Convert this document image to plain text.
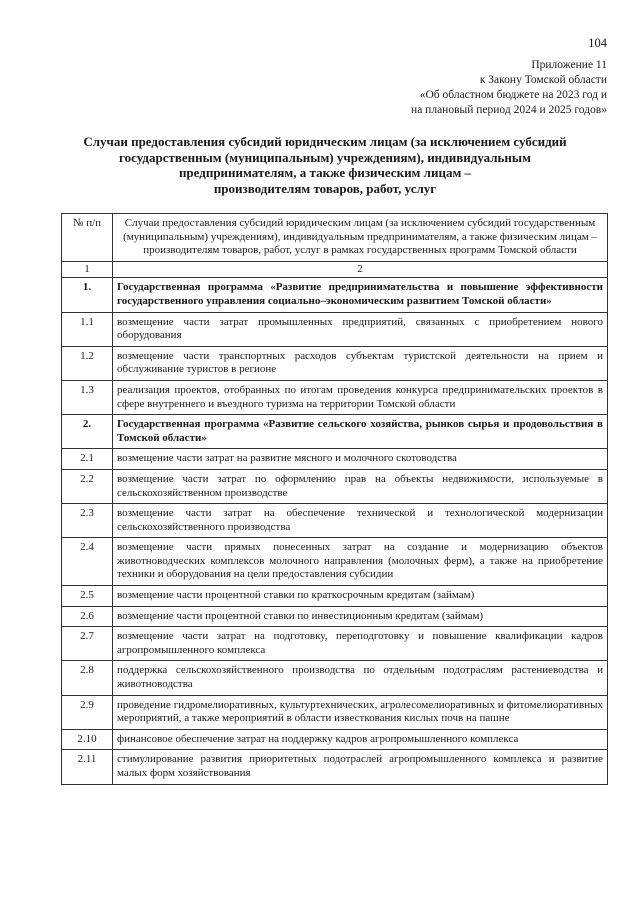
104
Приложение 11
к Закону Томской области
«Об областном бюджете на 2023 год и
на плановый период 2024 и 2025 годов»
Случаи предоставления субсидий юридическим лицам (за исключением субсидий
государственным (муниципальным) учреждениям), индивидуальным
предпринимателям, а также физическим лицам –
производителям товаров, работ, услуг
№ п/п	Случаи предоставления субсидий юридическим лицам (за исключением субсидий государственным (муниципальным) учреждениям), индивидуальным предпринимателям, а также физическим лицам – производителям товаров, работ, услуг в рамках государственных программ Томской области
1	2
1.	Государственная программа «Развитие предпринимательства и повышение эффективности государственного управления социально–экономическим развитием Томской области»
1.1	возмещение части затрат промышленных предприятий, связанных с приобретением нового оборудования
1.2	возмещение части транспортных расходов субъектам туристской деятельности на прием и обслуживание туристов в регионе
1.3	реализация проектов, отобранных по итогам проведения конкурса предпринимательских проектов в сфере внутреннего и въездного туризма на территории Томской области
2.	Государственная программа «Развитие сельского хозяйства, рынков сырья и продовольствия в Томской области»
2.1	возмещение части затрат на развитие мясного и молочного скотоводства
2.2	возмещение части затрат по оформлению прав на объекты недвижимости, используемые в сельскохозяйственном производстве
2.3	возмещение части затрат на обеспечение технической и технологической модернизации сельскохозяйственного производства
2.4	возмещение части прямых понесенных затрат на создание и модернизацию объектов животноводческих комплексов молочного направления (молочных ферм), а также на приобретение техники и оборудования на цели предоставления субсидии
2.5	возмещение части процентной ставки по краткосрочным кредитам (займам)
2.6	возмещение части процентной ставки по инвестиционным кредитам (займам)
2.7	возмещение части затрат на подготовку, переподготовку и повышение квалификации кадров агропромышленного комплекса
2.8	поддержка сельскохозяйственного производства по отдельным подотраслям растениеводства и животноводства
2.9	проведение гидромелиоративных, культуртехнических, агролесомелиоративных и фитомелиоративных мероприятий, а также мероприятий в области известкования кислых почв на пашне
2.10	финансовое обеспечение затрат на поддержку кадров агропромышленного комплекса
2.11	стимулирование развития приоритетных подотраслей агропромышленного комплекса и развитие малых форм хозяйствования
